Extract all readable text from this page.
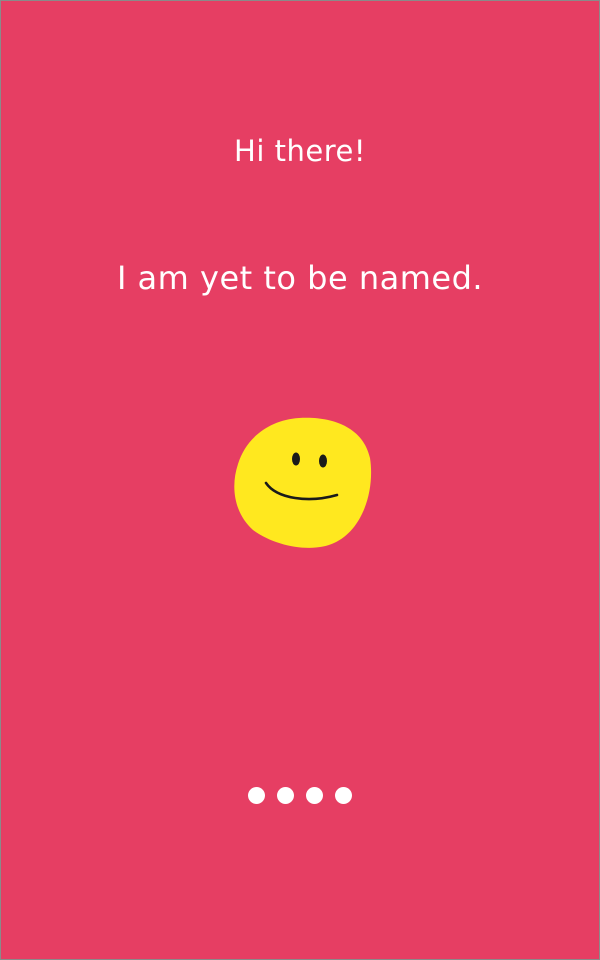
Hi there!
I am yet to be named.
